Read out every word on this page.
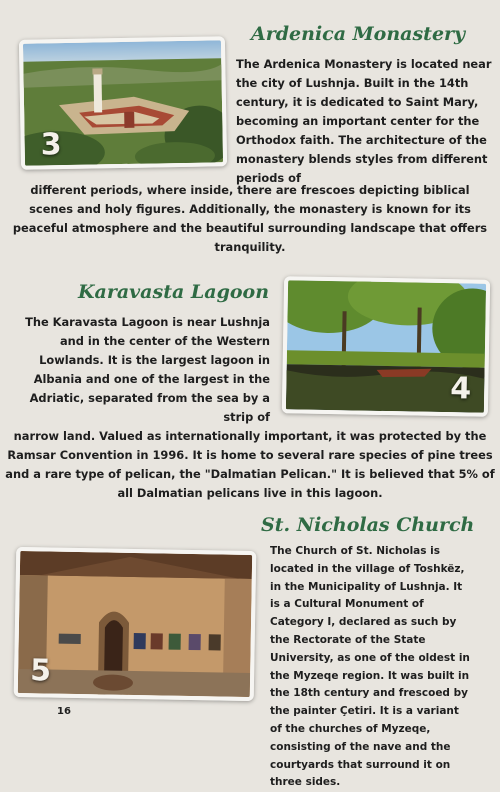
Ardenica Monastery
3

The Ardenica Monastery is located near the city of Lushnja. Built in the 14th century, it is dedicated to Saint Mary, becoming an important center for the Orthodox faith. The architecture of the monastery blends styles from different periods of

different periods, where inside, there are frescoes depicting biblical scenes and holy figures. Additionally, the monastery is known for its peaceful atmosphere and the beautiful surrounding landscape that offers tranquility.

Karavasta Lagoon

The Karavasta Lagoon is near Lushnja and in the center of the Western Lowlands. It is the largest lagoon in Albania and one of the largest in the Adriatic, separated from the sea by a strip of

4

narrow land. Valued as internationally important, it was protected by the Ramsar Convention in 1996. It is home to several rare species of pine trees and a rare type of pelican, the "Dalmatian Pelican." It is believed that 5% of all Dalmatian pelicans live in this lagoon.

St. Nicholas Church
5

The Church of St. Nicholas is located in the village of Toshkëz, in the Municipality of Lushnja. It is a Cultural Monument of Category I, declared as such by the Rectorate of the State University, as one of the oldest in the Myzeqe region. It was built in the 18th century and frescoed by the painter Çetiri. It is a variant of the churches of Myzeqe, consisting of the nave and the courtyards that surround it on three sides.

16
